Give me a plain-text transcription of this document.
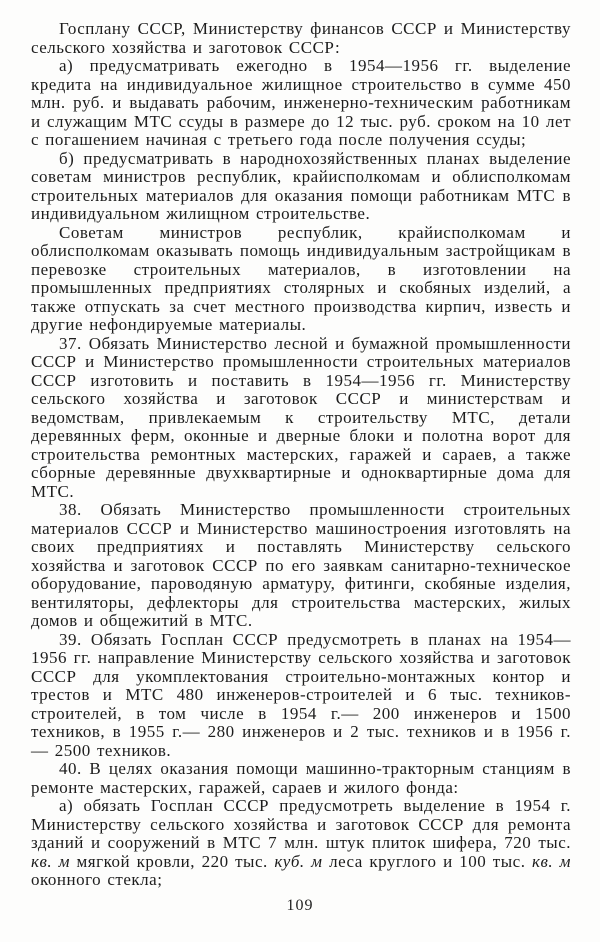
Госплану СССР, Министерству финансов СССР и Министерству сельского хозяйства и заготовок СССР:

а) предусматривать ежегодно в 1954—1956 гг. выделение кредита на индивидуальное жилищное строительство в сумме 450 млн. руб. и выдавать рабочим, инженерно-техническим работникам и служащим МТС ссуды в размере до 12 тыс. руб. сроком на 10 лет с погашением начиная с третьего года после получения ссуды;

б) предусматривать в народнохозяйственных планах выделение советам министров республик, крайисполкомам и облисполкомам строительных материалов для оказания помощи работникам МТС в индивидуальном жилищном строительстве.

Советам министров республик, крайисполкомам и облисполкомам оказывать помощь индивидуальным застройщикам в перевозке строительных материалов, в изготовлении на промышленных предприятиях столярных и скобяных изделий, а также отпускать за счет местного производства кирпич, известь и другие нефондируемые материалы.

37. Обязать Министерство лесной и бумажной промышленности СССР и Министерство промышленности строительных материалов СССР изготовить и поставить в 1954—1956 гг. Министерству сельского хозяйства и заготовок СССР и министерствам и ведомствам, привлекаемым к строительству МТС, детали деревянных ферм, оконные и дверные блоки и полотна ворот для строительства ремонтных мастерских, гаражей и сараев, а также сборные деревянные двухквартирные и одноквартирные дома для МТС.

38. Обязать Министерство промышленности строительных материалов СССР и Министерство машиностроения изготовлять на своих предприятиях и поставлять Министерству сельского хозяйства и заготовок СССР по его заявкам санитарно-техническое оборудование, пароводяную арматуру, фитинги, скобяные изделия, вентиляторы, дефлекторы для строительства мастерских, жилых домов и общежитий в МТС.

39. Обязать Госплан СССР предусмотреть в планах на 1954—1956 гг. направление Министерству сельского хозяйства и заготовок СССР для укомплектования строительно-монтажных контор и трестов и МТС 480 инженеров-строителей и 6 тыс. техников-строителей, в том числе в 1954 г.— 200 инженеров и 1500 техников, в 1955 г.— 280 инженеров и 2 тыс. техников и в 1956 г.— 2500 техников.

40. В целях оказания помощи машинно-тракторным станциям в ремонте мастерских, гаражей, сараев и жилого фонда:

а) обязать Госплан СССР предусмотреть выделение в 1954 г. Министерству сельского хозяйства и заготовок СССР для ремонта зданий и сооружений в МТС 7 млн. штук плиток шифера, 720 тыс. кв. м мягкой кровли, 220 тыс. куб. м леса круглого и 100 тыс. кв. м оконного стекла;

109
